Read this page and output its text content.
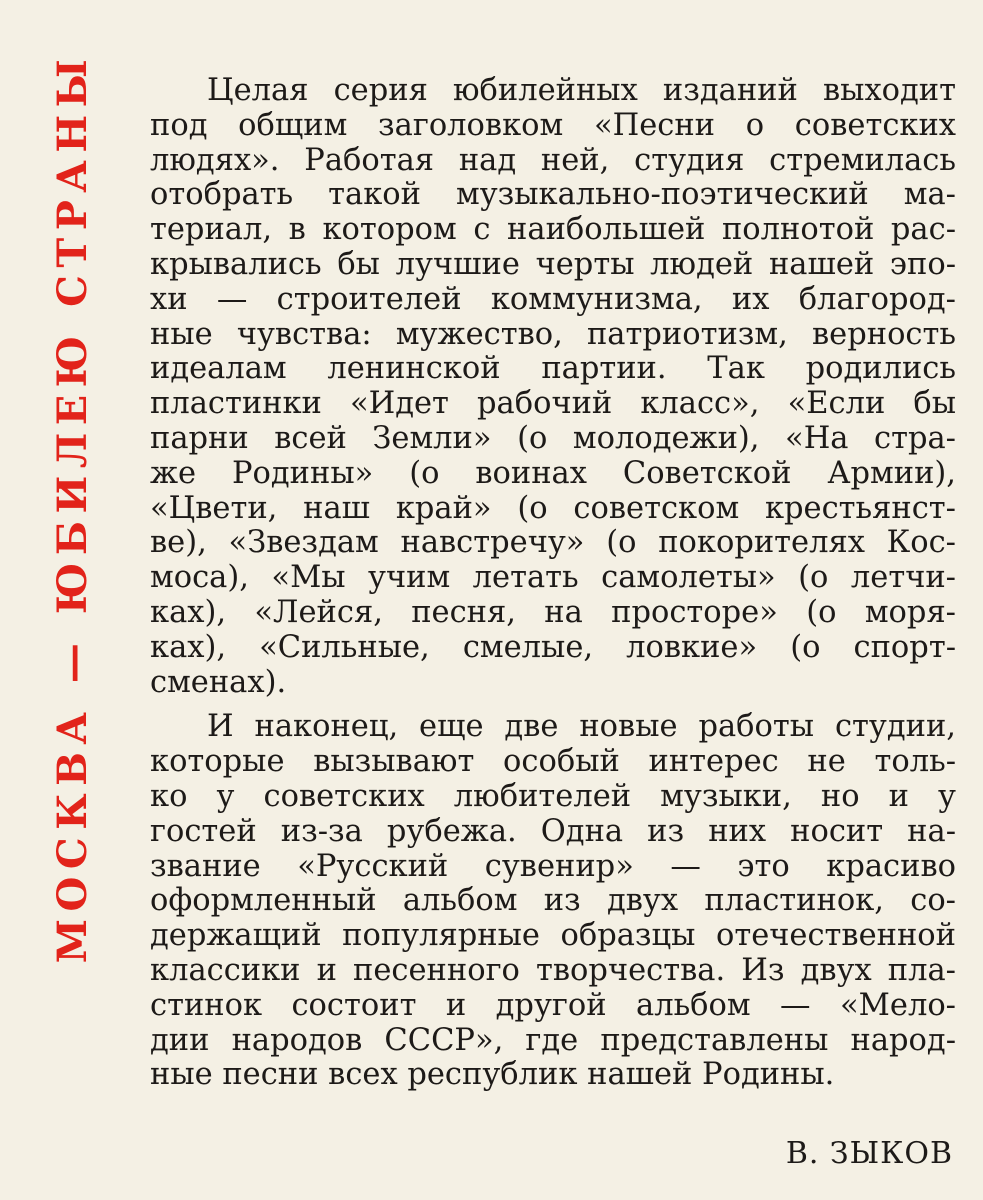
МОСКВА — ЮБИЛЕЮ СТРАНЫ	Целая серия юбилейных изданий выходит
под общим заголовком «Песни о советских
людях». Работая над ней, студия стремилась
отобрать такой музыкально-поэтический ма-
териал, в котором с наибольшей полнотой рас-
крывались бы лучшие черты людей нашей эпо-
хи — строителей коммунизма, их благород-
ные чувства: мужество, патриотизм, верность
идеалам ленинской партии. Так родились
пластинки «Идет рабочий класс», «Если бы
парни всей Земли» (о молодежи), «На стра-
же Родины» (о воинах Советской Армии),
«Цвети, наш край» (о советском крестьянст-
ве), «Звездам навстречу» (о покорителях Кос-
моса), «Мы учим летать самолеты» (о летчи-
ках), «Лейся, песня, на просторе» (о моря-
ках), «Сильные, смелые, ловкие» (о спорт-
сменах).

И наконец, еще две новые работы студии,
которые вызывают особый интерес не толь-
ко у советских любителей музыки, но и у
гостей из-за рубежа. Одна из них носит на-
звание «Русский сувенир» — это красиво
оформленный альбом из двух пластинок, со-
держащий популярные образцы отечественной
классики и песенного творчества. Из двух пла-
стинок состоит и другой альбом — «Мело-
дии народов СССР», где представлены народ-
ные песни всех республик нашей Родины.

В. ЗЫКОВ
